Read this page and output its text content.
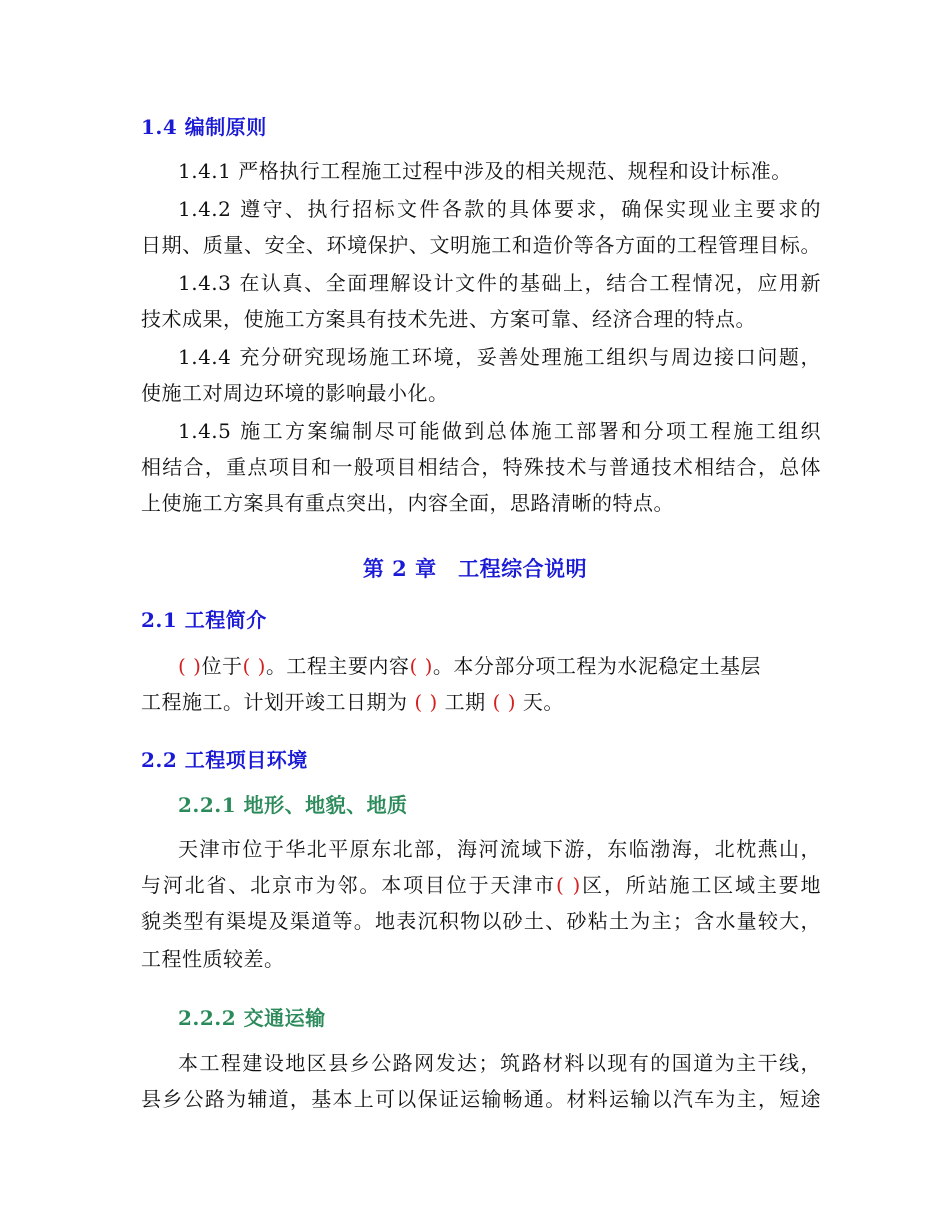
1.4 编制原则
1.4.1 严格执行工程施工过程中涉及的相关规范、规程和设计标准。
1.4.2 遵守、执行招标文件各款的具体要求，确保实现业主要求的
日期、质量、安全、环境保护、文明施工和造价等各方面的工程管理目标。
1.4.3 在认真、全面理解设计文件的基础上，结合工程情况，应用新
技术成果，使施工方案具有技术先进、方案可靠、经济合理的特点。
1.4.4 充分研究现场施工环境，妥善处理施工组织与周边接口问题，
使施工对周边环境的影响最小化。
1.4.5 施工方案编制尽可能做到总体施工部署和分项工程施工组织
相结合，重点项目和一般项目相结合，特殊技术与普通技术相结合，总体
上使施工方案具有重点突出，内容全面，思路清晰的特点。
第 2 章　工程综合说明
2.1 工程简介
( )位于( )。工程主要内容( )。本分部分项工程为水泥稳定土基层
工程施工。计划开竣工日期为 ( ) 工期 ( ) 天。
2.2 工程项目环境
2.2.1 地形、地貌、地质
天津市位于华北平原东北部，海河流域下游，东临渤海，北枕燕山，
与河北省、北京市为邻。本项目位于天津市( )区，所站施工区域主要地
貌类型有渠堤及渠道等。地表沉积物以砂土、砂粘土为主；含水量较大，
工程性质较差。
2.2.2 交通运输
本工程建设地区县乡公路网发达；筑路材料以现有的国道为主干线，
县乡公路为辅道，基本上可以保证运输畅通。材料运输以汽车为主，短途
